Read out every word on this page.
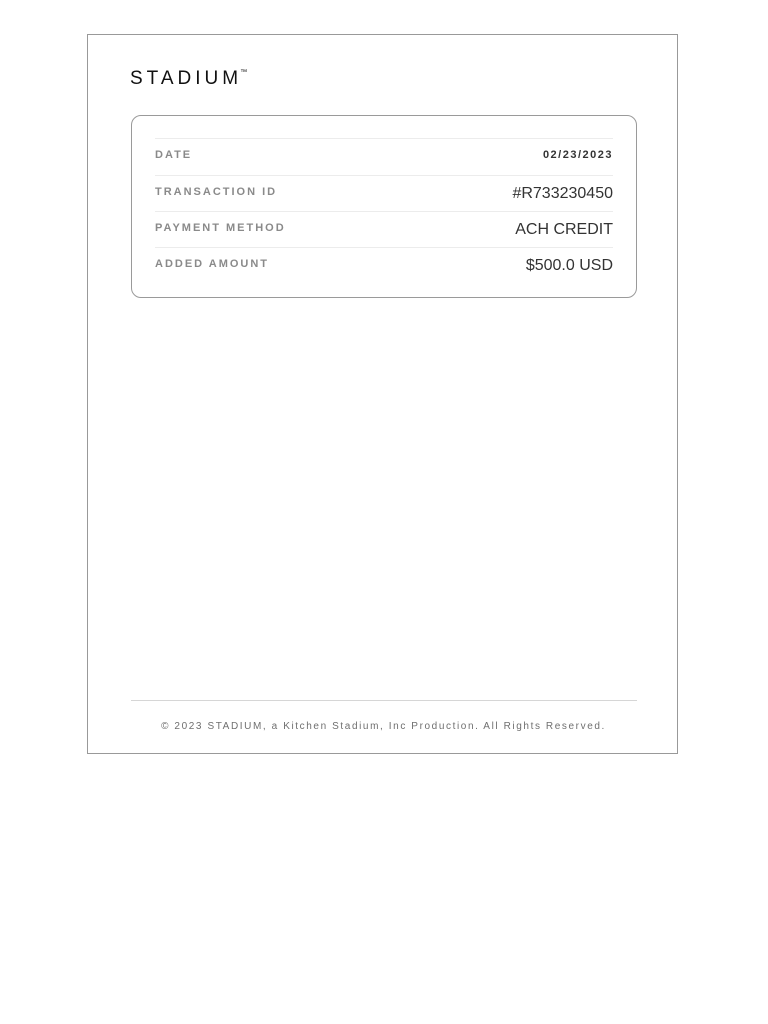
STADIUM™
DATE	02/23/2023
TRANSACTION ID	#R733230450
PAYMENT METHOD	ACH CREDIT
ADDED AMOUNT	$500.0 USD
© 2023 STADIUM, a Kitchen Stadium, Inc Production. All Rights Reserved.
